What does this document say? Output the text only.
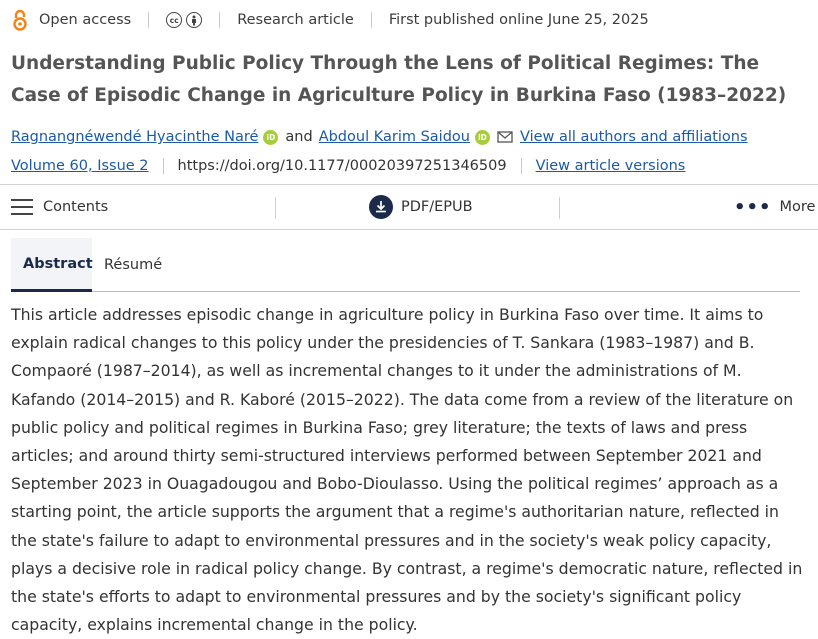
Open access	cc	Research article First published online June 25, 2025
Understanding Public Policy Through the Lens of Political Regimes: The Case of Episodic Change in Agriculture Policy in Burkina Faso (1983–2022)
Ragnangnéwendé Hyacinthe Naré	iD and Abdoul Karim Saidou	iD View all authors and affiliations
Volume 60, Issue 2 https://doi.org/10.1177/00020397251346509 View article versions
Contents	PDF/EPUB	••• More
Abstract Résumé

This article addresses episodic change in agriculture policy in Burkina Faso over time. It aims to explain radical changes to this policy under the presidencies of T. Sankara (1983–1987) and B. Compaoré (1987–2014), as well as incremental changes to it under the administrations of M. Kafando (2014–2015) and R. Kaboré (2015–2022). The data come from a review of the literature on public policy and political regimes in Burkina Faso; grey literature; the texts of laws and press articles; and around thirty semi-structured interviews performed between September 2021 and September 2023 in Ouagadougou and Bobo-Dioulasso. Using the political regimes’ approach as a starting point, the article supports the argument that a regime's authoritarian nature, reflected in the state's failure to adapt to environmental pressures and in the society's weak policy capacity, plays a decisive role in radical policy change. By contrast, a regime's democratic nature, reflected in the state's efforts to adapt to environmental pressures and by the society's significant policy capacity, explains incremental change in the policy.
